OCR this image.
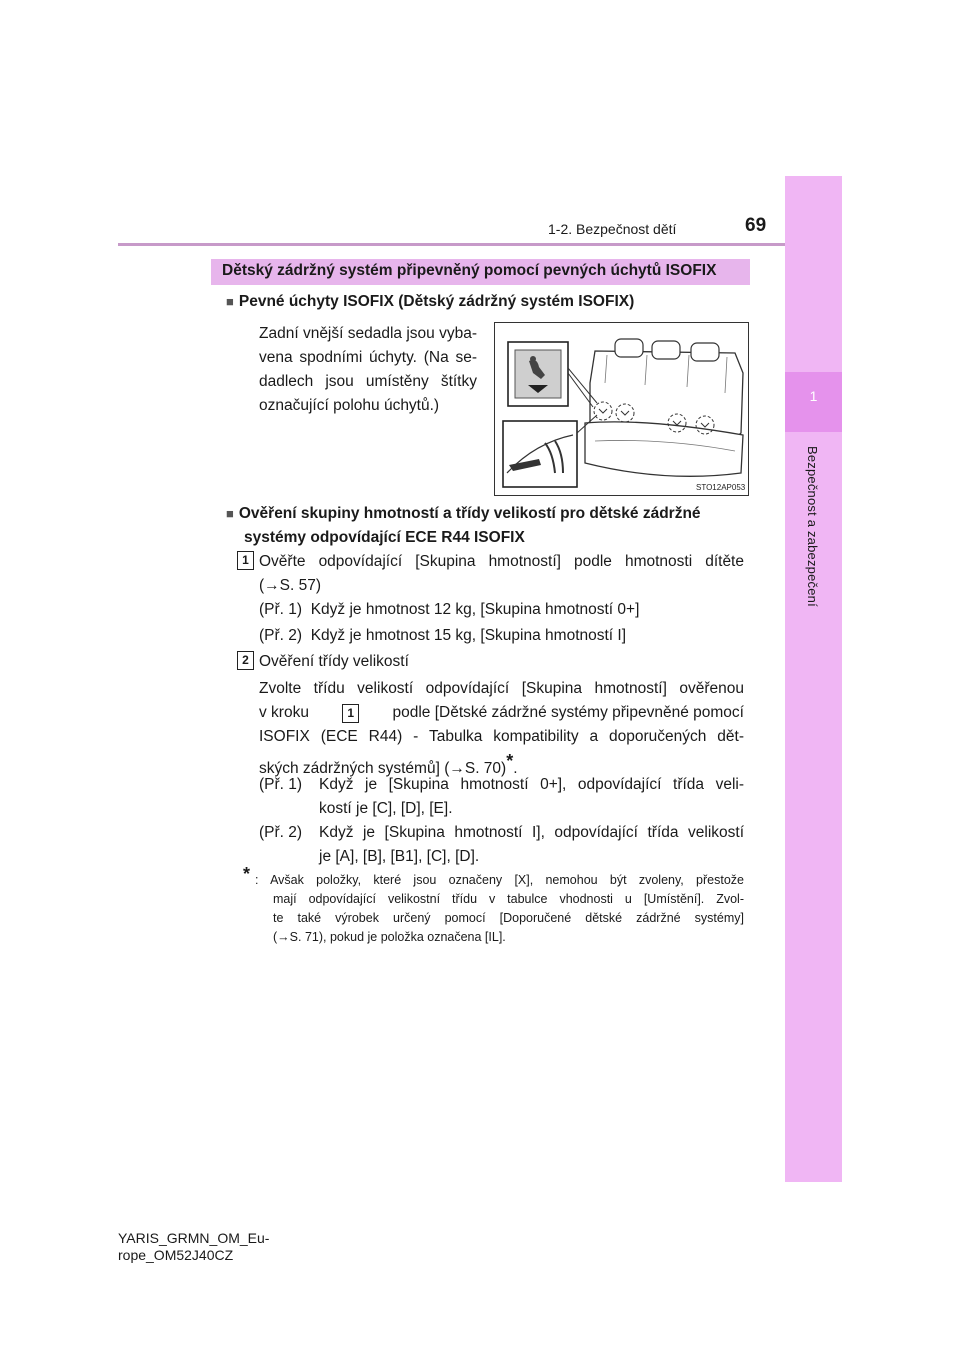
69
1-2. Bezpečnost dětí
1
Bezpečnost a zabezpečení
Dětský zádržný systém připevněný pomocí pevných úchytů ISOFIX
■ Pevné úchyty ISOFIX (Dětský zádržný systém ISOFIX)
Zadní vnější sedadla jsou vyba-
vena spodními úchyty. (Na se-
dadlech jsou umístěny štítky
označující polohu úchytů.)
STO12AP053
■ Ověření skupiny hmotností a třídy velikostí pro dětské zádržné
systémy odpovídající ECE R44 ISOFIX
1 Ověřte odpovídající [Skupina hmotností] podle hmotnosti dítěte
(→S. 57)
(Př. 1) Když je hmotnost 12 kg, [Skupina hmotností 0+]
(Př. 2) Když je hmotnost 15 kg, [Skupina hmotností I]
2 Ověření třídy velikostí
Zvolte třídu velikostí odpovídající [Skupina hmotností] ověřenou
v kroku	1	podle [Dětské zádržné systémy připevněné pomocí
ISOFIX (ECE R44) - Tabulka kompatibility a doporučených dět-
ských zádržných systémů] (→S. 70)*.
(Př. 1) Když je [Skupina hmotností 0+], odpovídající třída veli-
kostí je [C], [D], [E].
(Př. 2) Když je [Skupina hmotností I], odpovídající třída velikostí
je [A], [B], [B1], [C], [D].
* : Avšak položky, které jsou označeny [X], nemohou být zvoleny, přestože
mají odpovídající velikostní třídu v tabulce vhodnosti u [Umístění]. Zvol-
te také výrobek určený pomocí [Doporučené dětské zádržné systémy]
(→S. 71), pokud je položka označena [IL].
YARIS_GRMN_OM_Eu-
rope_OM52J40CZ
